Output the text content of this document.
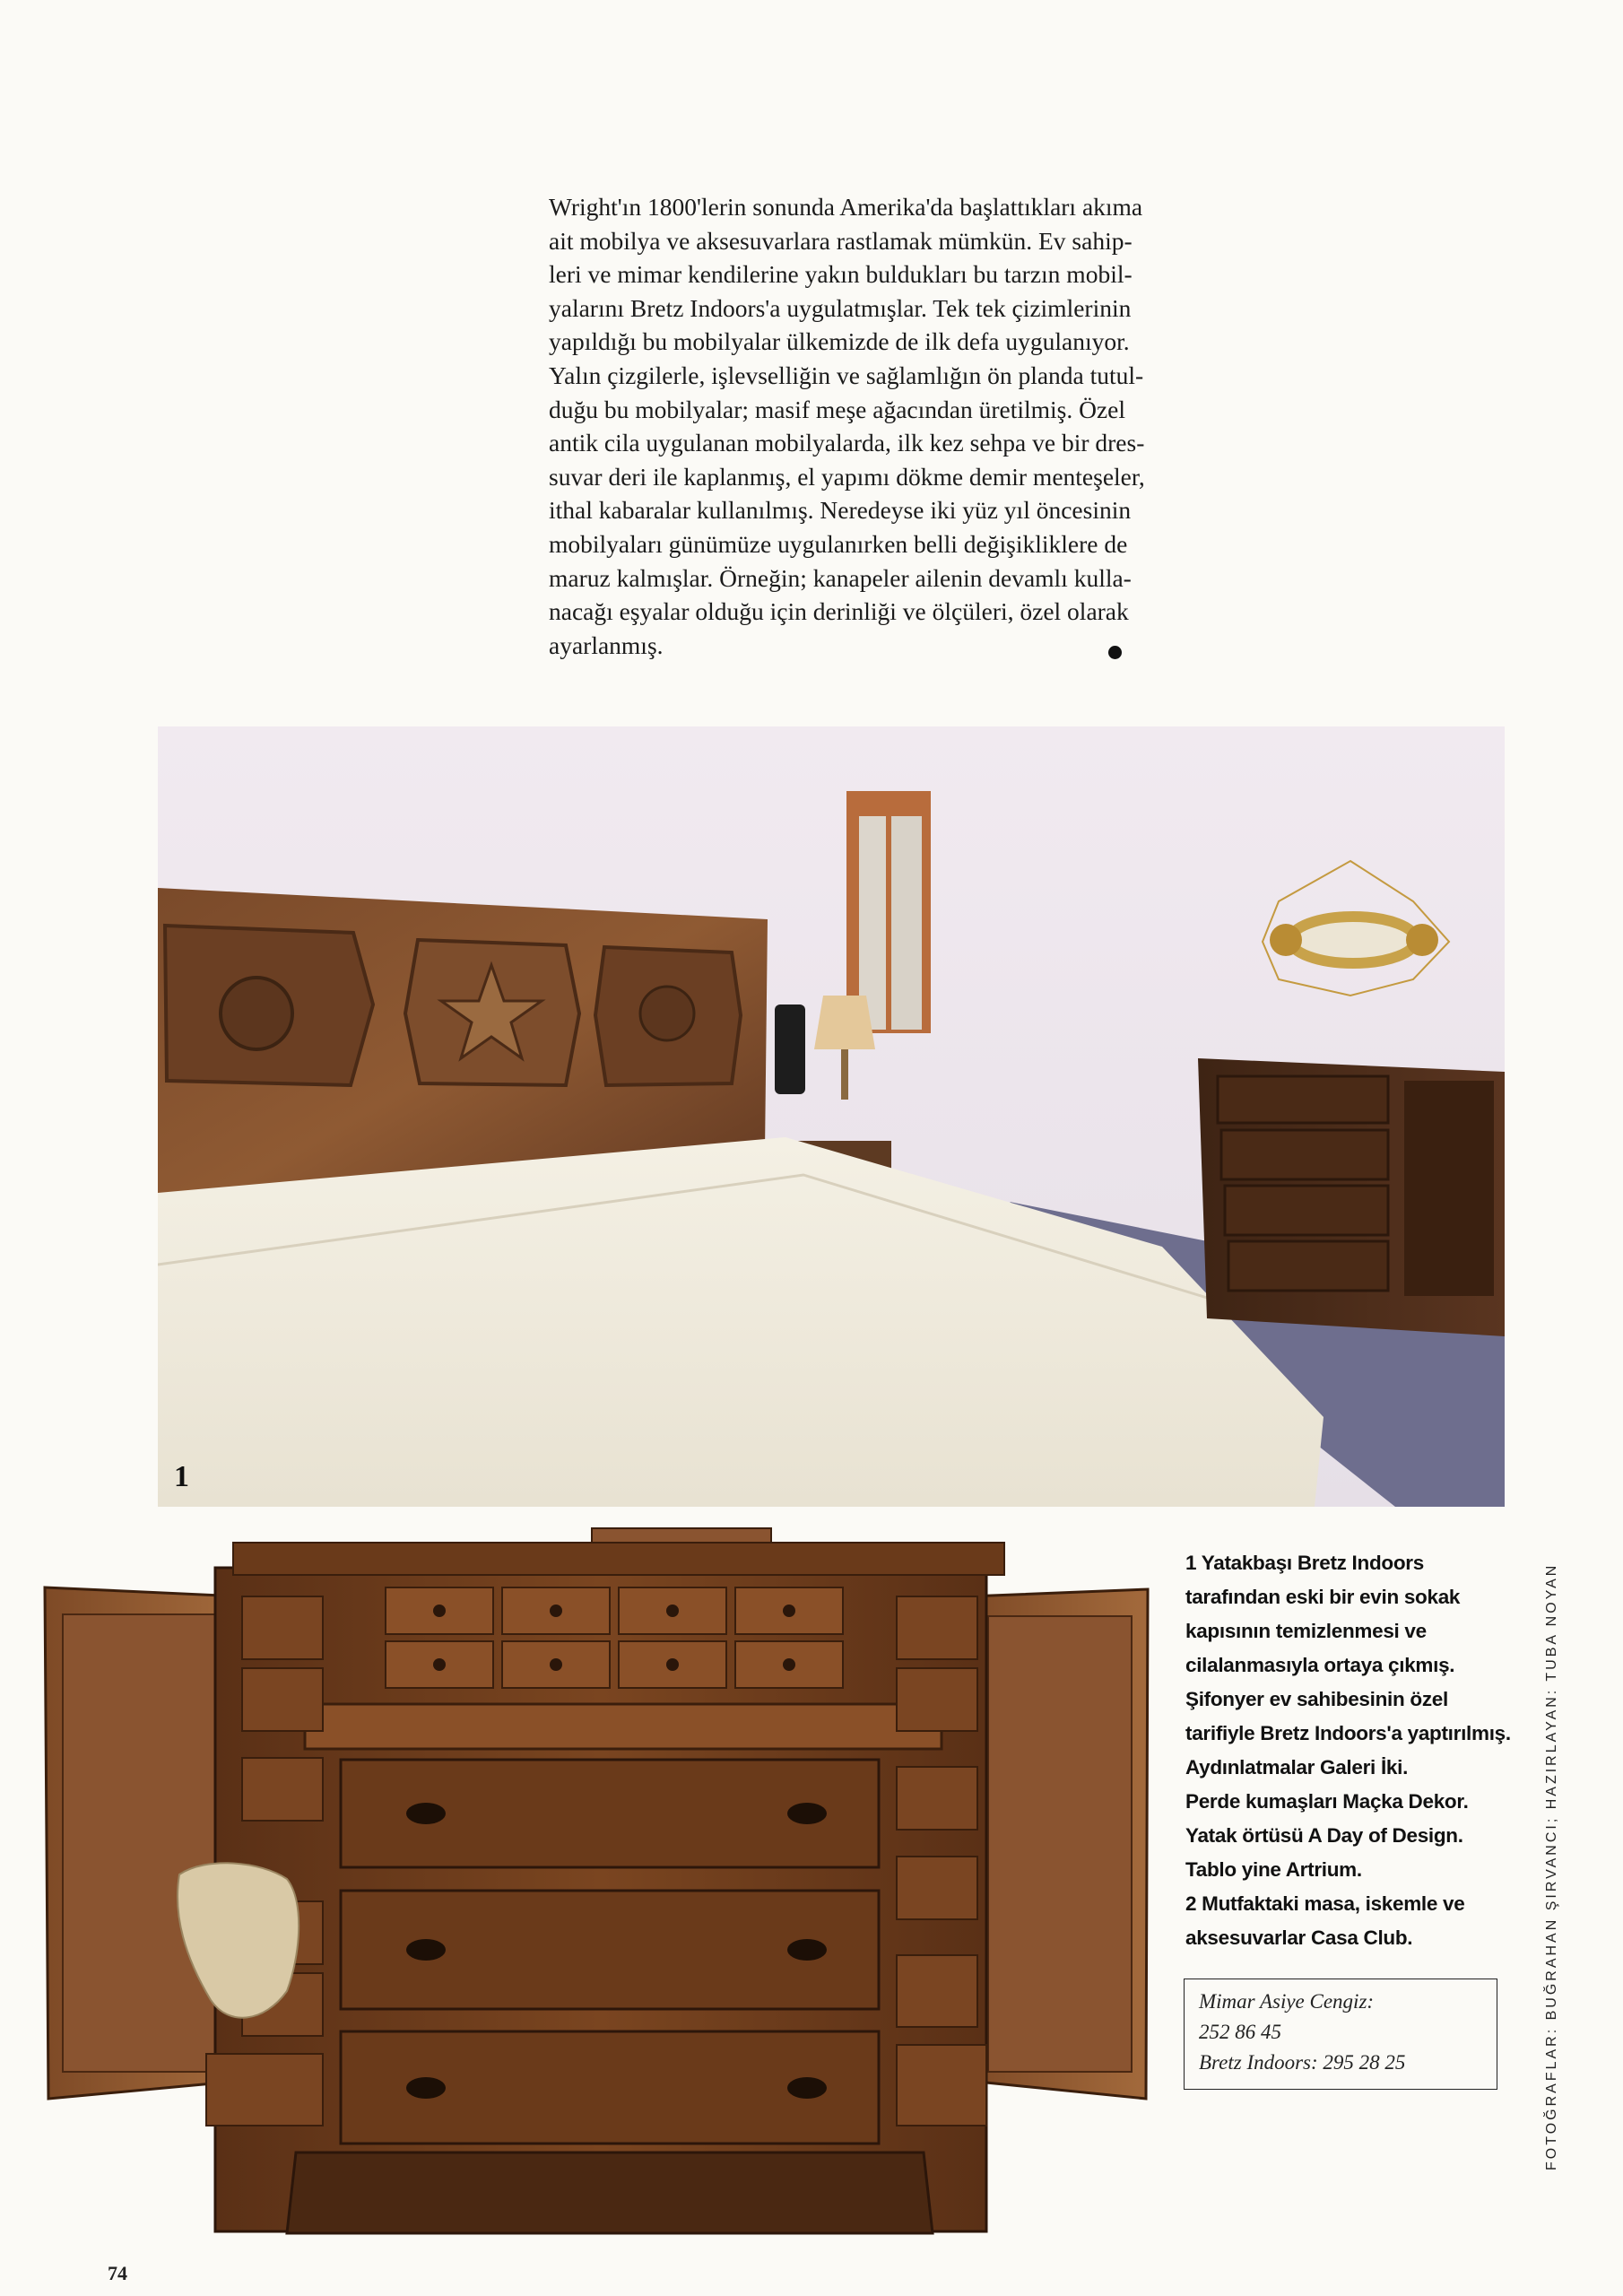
Wright'ın 1800'lerin sonunda Amerika'da başlattıkları akıma
ait mobilya ve aksesuvarlara rastlamak mümkün. Ev sahip-
leri ve mimar kendilerine yakın buldukları bu tarzın mobil-
yalarını Bretz Indoors'a uygulatmışlar. Tek tek çizimlerinin
yapıldığı bu mobilyalar ülkemizde de ilk defa uygulanıyor.
Yalın çizgilerle, işlevselliğin ve sağlamlığın ön planda tutul-
duğu bu mobilyalar; masif meşe ağacından üretilmiş. Özel
antik cila uygulanan mobilyalarda, ilk kez sehpa ve bir dres-
suvar deri ile kaplanmış, el yapımı dökme demir menteşeler,
ithal kabaralar kullanılmış. Neredeyse iki yüz yıl öncesinin
mobilyaları günümüze uygulanırken belli değişikliklere de
maruz kalmışlar. Örneğin; kanapeler ailenin devamlı kulla-
nacağı eşyalar olduğu için derinliği ve ölçüleri, özel olarak
ayarlanmış.
1
1 Yatakbaşı Bretz Indoors
tarafından eski bir evin sokak
kapısının temizlenmesi ve
cilalanmasıyla ortaya çıkmış.
Şifonyer ev sahibesinin özel
tarifiyle Bretz Indoors'a yaptırılmış.
Aydınlatmalar Galeri İki.
Perde kumaşları Maçka Dekor.
Yatak örtüsü A Day of Design.
Tablo yine Artrium.
2 Mutfaktaki masa, iskemle ve
aksesuvarlar Casa Club.
Mimar Asiye Cengiz:
252 86 45
Bretz Indoors: 295 28 25	FOTOĞRAFLAR: BUĞRAHAN ŞIRVANCI; HAZIRLAYAN: TUBA NOYAN
74
